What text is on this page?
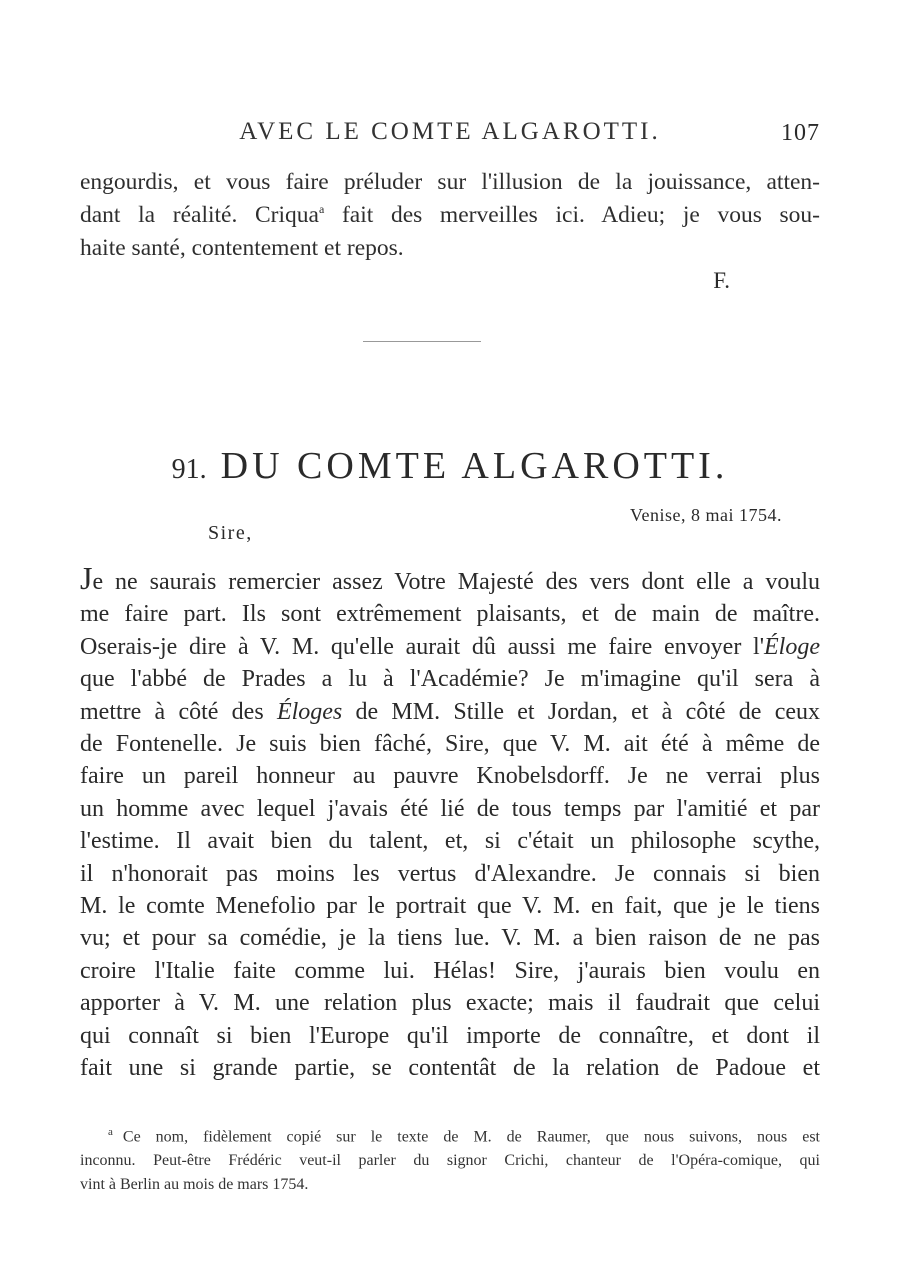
AVEC LE COMTE ALGAROTTI.	107
engourdis, et vous faire préluder sur l'illusion de la jouissance, atten-
dant la réalité. Criqua$^a$ fait des merveilles ici. Adieu; je vous sou-
haite santé, contentement et repos.
F.
91. DU COMTE ALGAROTTI.
Venise, 8 mai 1754.
Sire,
Je ne saurais remercier assez Votre Majesté des vers dont elle a voulu
me faire part. Ils sont extrêmement plaisants, et de main de maître.
Oserais-je dire à V. M. qu'elle aurait dû aussi me faire envoyer l'Éloge
que l'abbé de Prades a lu à l'Académie? Je m'imagine qu'il sera à
mettre à côté des Éloges de MM. Stille et Jordan, et à côté de ceux
de Fontenelle. Je suis bien fâché, Sire, que V. M. ait été à même de
faire un pareil honneur au pauvre Knobelsdorff. Je ne verrai plus
un homme avec lequel j'avais été lié de tous temps par l'amitié et par
l'estime. Il avait bien du talent, et, si c'était un philosophe scythe,
il n'honorait pas moins les vertus d'Alexandre. Je connais si bien
M. le comte Menefolio par le portrait que V. M. en fait, que je le tiens
vu; et pour sa comédie, je la tiens lue. V. M. a bien raison de ne pas
croire l'Italie faite comme lui. Hélas! Sire, j'aurais bien voulu en
apporter à V. M. une relation plus exacte; mais il faudrait que celui
qui connaît si bien l'Europe qu'il importe de connaître, et dont il
fait une si grande partie, se contentât de la relation de Padoue et
$^a$ Ce nom, fidèlement copié sur le texte de M. de Raumer, que nous suivons, nous est
inconnu. Peut-être Frédéric veut-il parler du signor Crichi, chanteur de l'Opéra-comique, qui
vint à Berlin au mois de mars 1754.
